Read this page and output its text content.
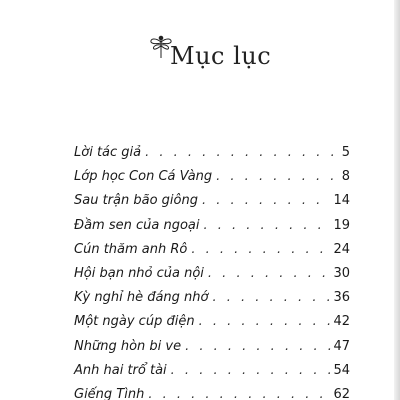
Mục lục
Lời tác giả . . .	5
Lớp học Con Cá Vàng . . .	8
Sau trận bão giông . . .	14
Đầm sen của ngoại . . .	19
Cún thăm anh Rô . . .	24
Hội bạn nhỏ của nội . . .	30
Kỳ nghỉ hè đáng nhớ . . .	36
Một ngày cúp điện . . .	42
Những hòn bi ve . . .	47
Anh hai trổ tài . . .	54
Giếng Tình . . .	62
